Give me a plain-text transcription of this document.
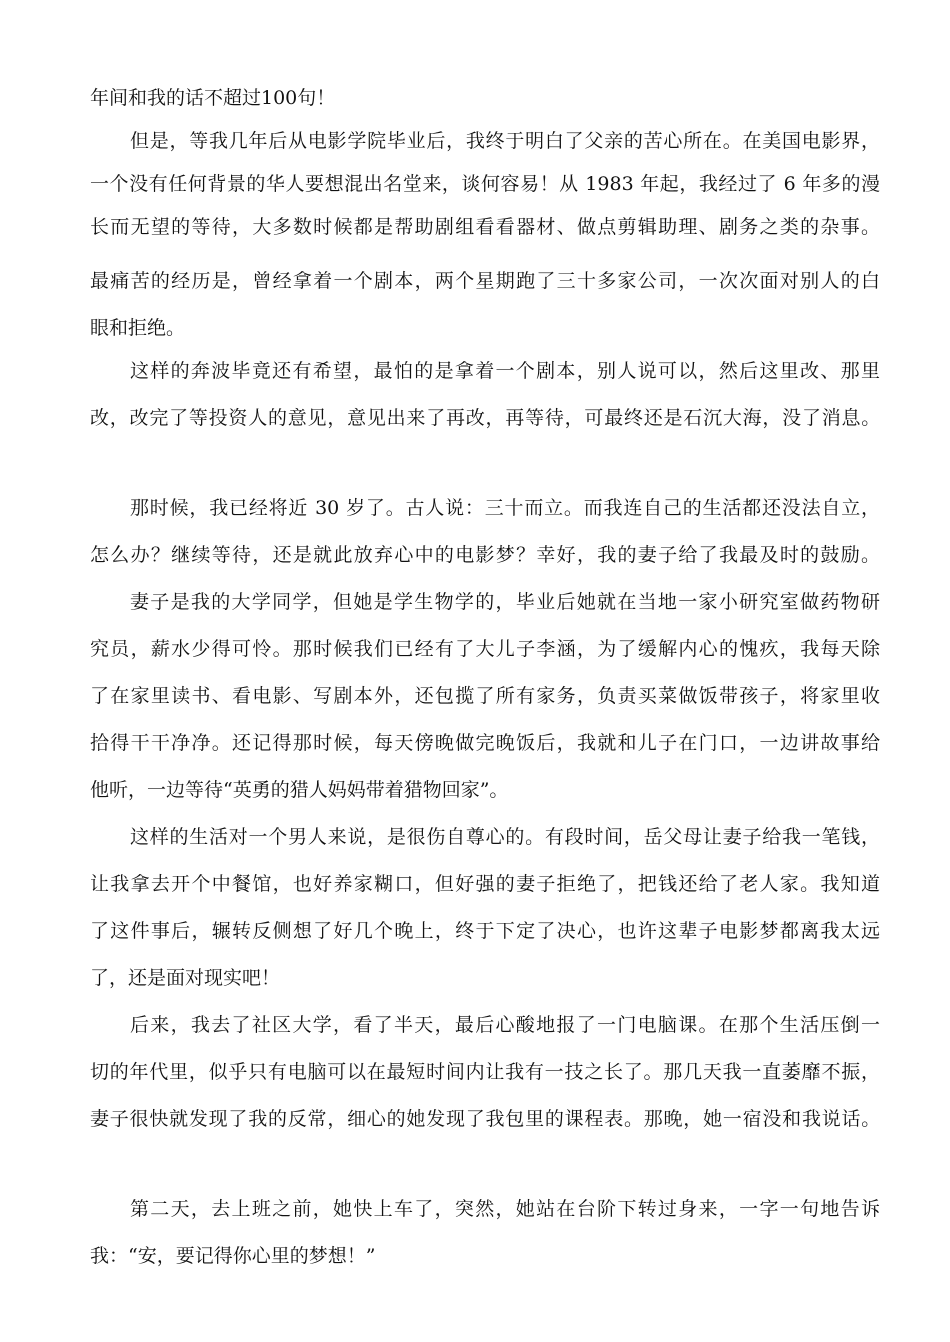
年间和我的话不超过100句！
但是，等我几年后从电影学院毕业后，我终于明白了父亲的苦心所在。在美国电影界，
一个没有任何背景的华人要想混出名堂来，谈何容易！从 1983 年起，我经过了 6 年多的漫
长而无望的等待，大多数时候都是帮助剧组看看器材、做点剪辑助理、剧务之类的杂事。
最痛苦的经历是，曾经拿着一个剧本，两个星期跑了三十多家公司，一次次面对别人的白
眼和拒绝。
这样的奔波毕竟还有希望，最怕的是拿着一个剧本，别人说可以，然后这里改、那里
改，改完了等投资人的意见，意见出来了再改，再等待，可最终还是石沉大海，没了消息。
那时候，我已经将近 30 岁了。古人说：三十而立。而我连自己的生活都还没法自立，
怎么办？继续等待，还是就此放弃心中的电影梦？幸好，我的妻子给了我最及时的鼓励。
妻子是我的大学同学，但她是学生物学的，毕业后她就在当地一家小研究室做药物研
究员，薪水少得可怜。那时候我们已经有了大儿子李涵，为了缓解内心的愧疚，我每天除
了在家里读书、看电影、写剧本外，还包揽了所有家务，负责买菜做饭带孩子，将家里收
拾得干干净净。还记得那时候，每天傍晚做完晚饭后，我就和儿子在门口，一边讲故事给
他听，一边等待“英勇的猎人妈妈带着猎物回家”。
这样的生活对一个男人来说，是很伤自尊心的。有段时间，岳父母让妻子给我一笔钱，
让我拿去开个中餐馆，也好养家糊口，但好强的妻子拒绝了，把钱还给了老人家。我知道
了这件事后，辗转反侧想了好几个晚上，终于下定了决心，也许这辈子电影梦都离我太远
了，还是面对现实吧！
后来，我去了社区大学，看了半天，最后心酸地报了一门电脑课。在那个生活压倒一
切的年代里，似乎只有电脑可以在最短时间内让我有一技之长了。那几天我一直萎靡不振，
妻子很快就发现了我的反常，细心的她发现了我包里的课程表。那晚，她一宿没和我说话。
第二天，去上班之前，她快上车了，突然，她站在台阶下转过身来，一字一句地告诉
我：“安，要记得你心里的梦想！”
